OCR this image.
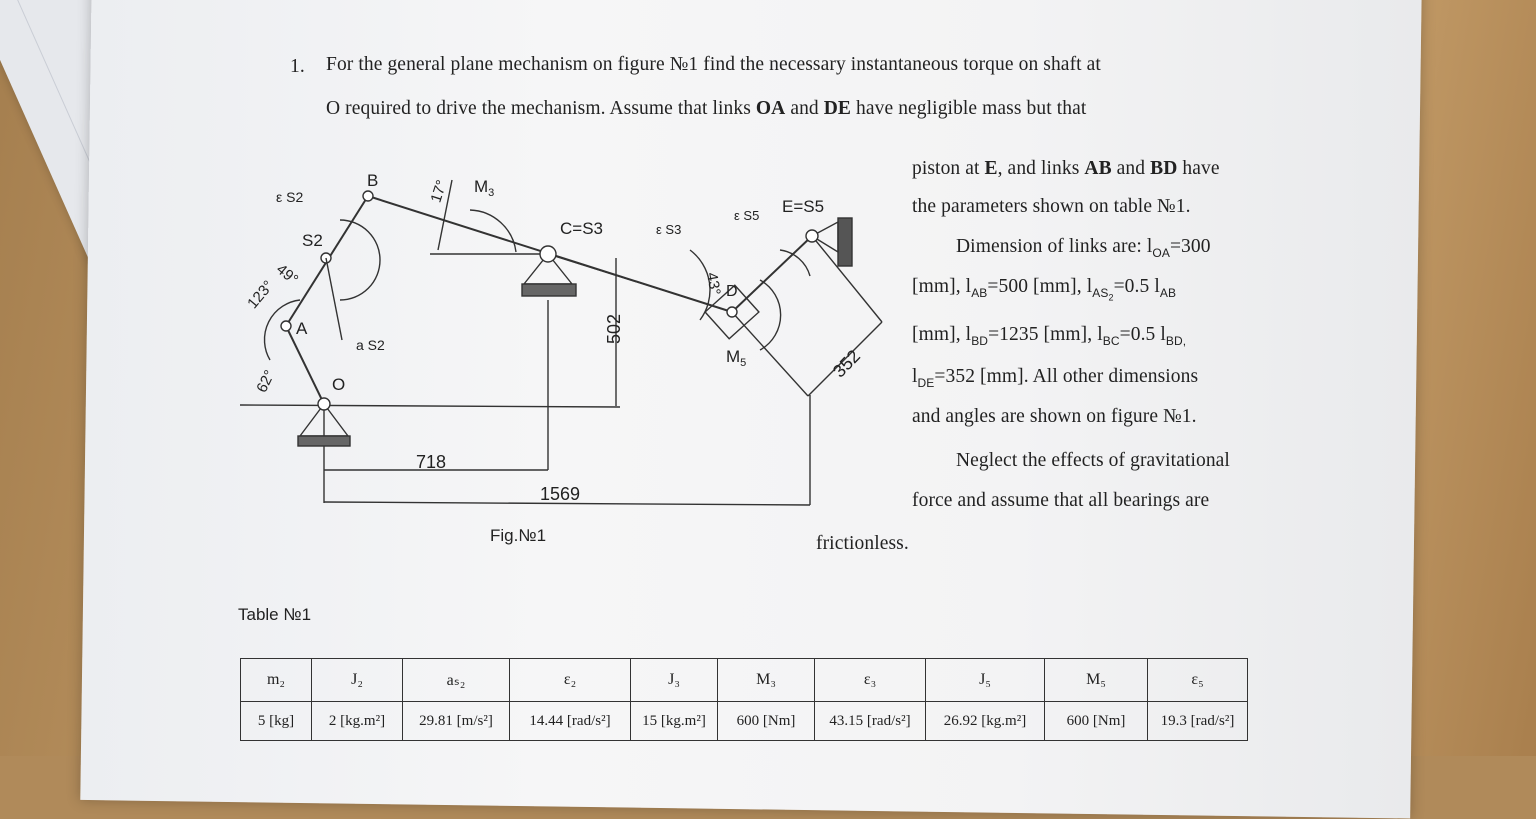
1. For the general plane mechanism on figure №1 find the necessary instantaneous torque on shaft at
O required to drive the mechanism. Assume that links OA and DE have negligible mass but that
piston at E, and links AB and BD have
the parameters shown on table №1.
Dimension of links are: $l_{OA}=300$
[mm], $l_{AB}=500$ [mm], $l_{AS_2}=0.5$ $l_{AB}$
[mm], $l_{BD}=1235$ [mm], $l_{BC}=0.5$ $l_{BD,}$
$l_{DE}=352$ [mm]. All other dimensions
and angles are shown on figure №1.
Neglect the effects of gravitational
force and assume that all bearings are
frictionless.
B
A
O
S2
C=S3
E=S5
D
$M_3$
$M_5$
ε S2
ε S3
ε S5
a S2
17°
49°
123°
62°
43°
718
1569
502
352
Fig.№1
Table №1
m₂	J₂	aₛ₂	ε₂	J₃	M₃	ε₃	J₅	M₅	ε₅
5 [kg]	2 [kg.m²]	29.81 [m/s²]	14.44 [rad/s²]	15 [kg.m²]	600 [Nm]	43.15 [rad/s²]	26.92 [kg.m²]	600 [Nm]	19.3 [rad/s²]
